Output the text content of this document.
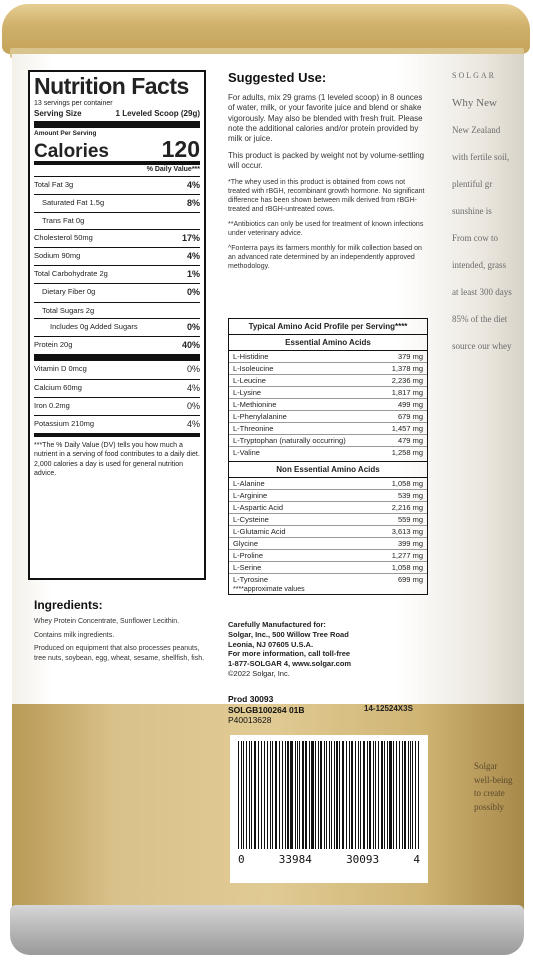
Nutrition Facts
13 servings per container
Serving Size	1 Leveled Scoop (29g)
Amount Per Serving
Calories 120
% Daily Value***
Total Fat 3g	4%
Saturated Fat 1.5g	8%
Trans Fat 0g
Cholesterol 50mg	17%
Sodium 90mg	4%
Total Carbohydrate 2g	1%
Dietary Fiber 0g	0%
Total Sugars 2g
Includes 0g Added Sugars	0%
Protein 20g	40%
Vitamin D 0mcg	0%
Calcium 60mg	4%
Iron 0.2mg	0%
Potassium 210mg	4%
***The % Daily Value (DV) tells you how much a nutrient in a serving of food contributes to a daily diet. 2,000 calories a day is used for general nutrition advice.
Ingredients:

Whey Protein Concentrate, Sunflower Lecithin.

Contains milk ingredients.

Produced on equipment that also processes peanuts, tree nuts, soybean, egg, wheat, sesame, shellfish, fish.

Suggested Use:

For adults, mix 29 grams (1 leveled scoop) in 8 ounces of water, milk, or your favorite juice and blend or shake vigorously. May also be blended with fresh fruit. Please note the additional calories and/or protein provided by milk or juice.

This product is packed by weight not by volume-settling will occur.

*The whey used in this product is obtained from cows not treated with rBGH, recombinant growth hormone. No significant difference has been shown between milk derived from rBGH-treated and rBGH-untreated cows.

**Antibiotics can only be used for treatment of known infections under veterinary advice.

^Fonterra pays its farmers monthly for milk collection based on an advanced rate determined by an independently approved methodology.

Typical Amino Acid Profile per Serving****
Essential Amino Acids
L-Histidine	379 mg
L-Isoleucine	1,378 mg
L-Leucine	2,236 mg
L-Lysine	1,817 mg
L-Methionine	499 mg
L-Phenylalanine	679 mg
L-Threonine	1,457 mg
L-Tryptophan (naturally occurring)	479 mg
L-Valine	1,258 mg
Non Essential Amino Acids
L-Alanine	1,058 mg
L-Arginine	539 mg
L-Aspartic Acid	2,216 mg
L-Cysteine	559 mg
L-Glutamic Acid	3,613 mg
Glycine	399 mg
L-Proline	1,277 mg
L-Serine	1,058 mg
L-Tyrosine	699 mg
****approximate values
Carefully Manufactured for:
Solgar, Inc., 500 Willow Tree Road
Leonia, NJ 07605 U.S.A.
For more information, call toll-free
1-877-SOLGAR 4, www.solgar.com
©2022 Solgar, Inc.
Prod 30093
SOLGB100264 01B
P40013628
14-12524X3S
0	33984	30093	4

SOLGAR

Why New

New Zealand

with fertile soil,

plentiful gr

sunshine is

From cow to

intended, grass

at least 300 days

85% of the diet

source our whey

Solgar

well-being

to create

possibly
